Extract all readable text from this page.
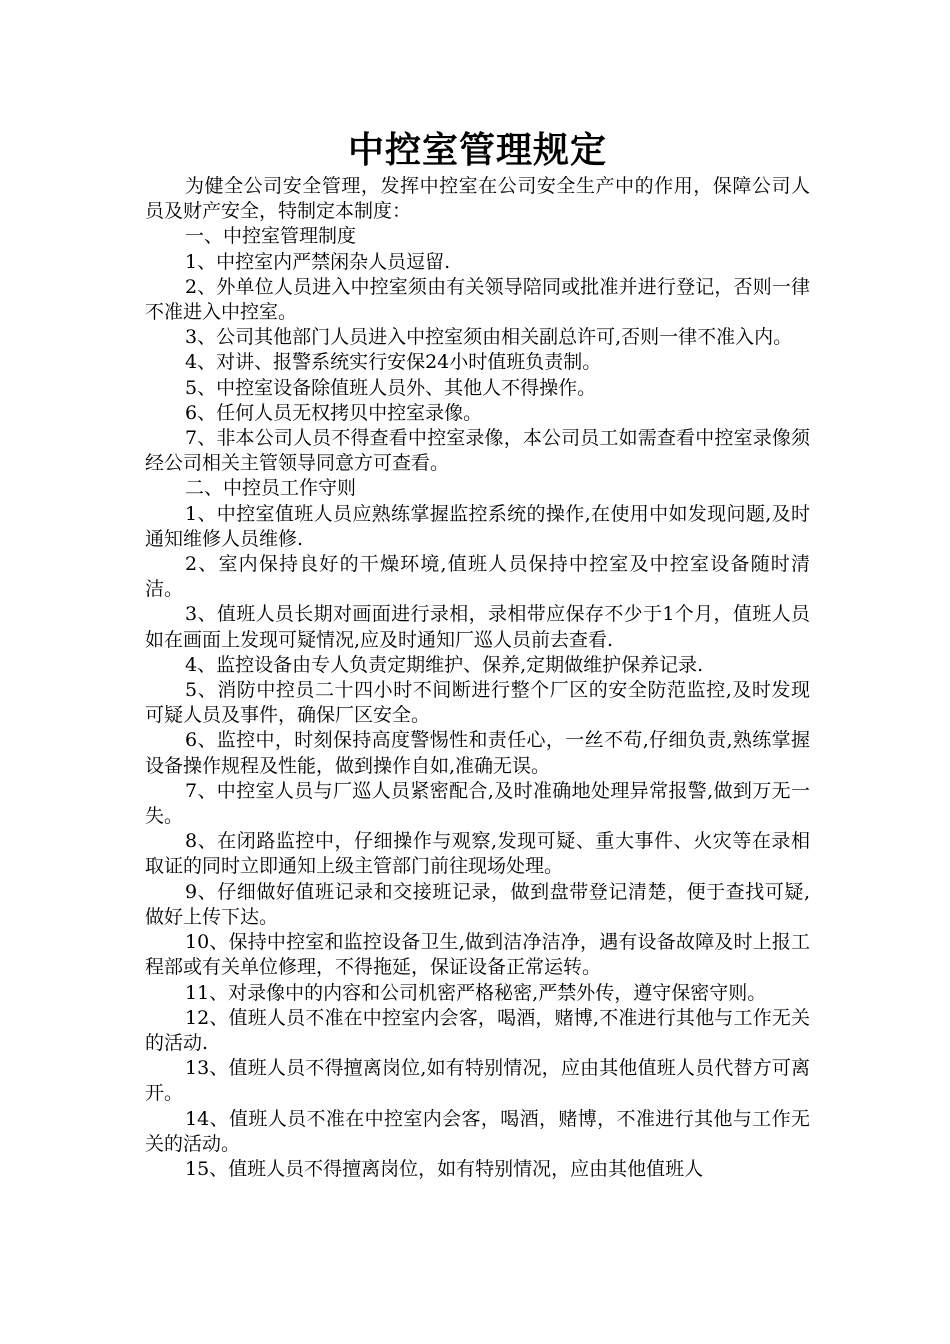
中控室管理规定

为健全公司安全管理，发挥中控室在公司安全生产中的作用，保障公司人员及财产安全，特制定本制度：

一、中控室管理制度

1、中控室内严禁闲杂人员逗留.

2、外单位人员进入中控室须由有关领导陪同或批准并进行登记，否则一律不准进入中控室。

3、公司其他部门人员进入中控室须由相关副总许可,否则一律不准入内。

4、对讲、报警系统实行安保24小时值班负责制。

5、中控室设备除值班人员外、其他人不得操作。

6、任何人员无权拷贝中控室录像。

7、非本公司人员不得查看中控室录像，本公司员工如需查看中控室录像须经公司相关主管领导同意方可查看。

二、中控员工作守则

1、中控室值班人员应熟练掌握监控系统的操作,在使用中如发现问题,及时通知维修人员维修.

2、室内保持良好的干燥环境,值班人员保持中控室及中控室设备随时清洁。

3、值班人员长期对画面进行录相，录相带应保存不少于1个月，值班人员如在画面上发现可疑情况,应及时通知厂巡人员前去查看.

4、监控设备由专人负责定期维护、保养,定期做维护保养记录.

5、消防中控员二十四小时不间断进行整个厂区的安全防范监控,及时发现可疑人员及事件，确保厂区安全。

6、监控中，时刻保持高度警惕性和责任心，一丝不苟,仔细负责,熟练掌握设备操作规程及性能，做到操作自如,准确无误。

7、中控室人员与厂巡人员紧密配合,及时准确地处理异常报警,做到万无一失。

8、在闭路监控中，仔细操作与观察,发现可疑、重大事件、火灾等在录相取证的同时立即通知上级主管部门前往现场处理。

9、仔细做好值班记录和交接班记录，做到盘带登记清楚，便于查找可疑,做好上传下达。

10、保持中控室和监控设备卫生,做到洁净洁净，遇有设备故障及时上报工程部或有关单位修理，不得拖延，保证设备正常运转。

11、对录像中的内容和公司机密严格秘密,严禁外传，遵守保密守则。

12、值班人员不准在中控室内会客，喝酒，赌博,不准进行其他与工作无关的活动.

13、值班人员不得擅离岗位,如有特别情况，应由其他值班人员代替方可离开。

14、值班人员不准在中控室内会客，喝酒，赌博，不准进行其他与工作无关的活动。

15、值班人员不得擅离岗位，如有特别情况，应由其他值班人
